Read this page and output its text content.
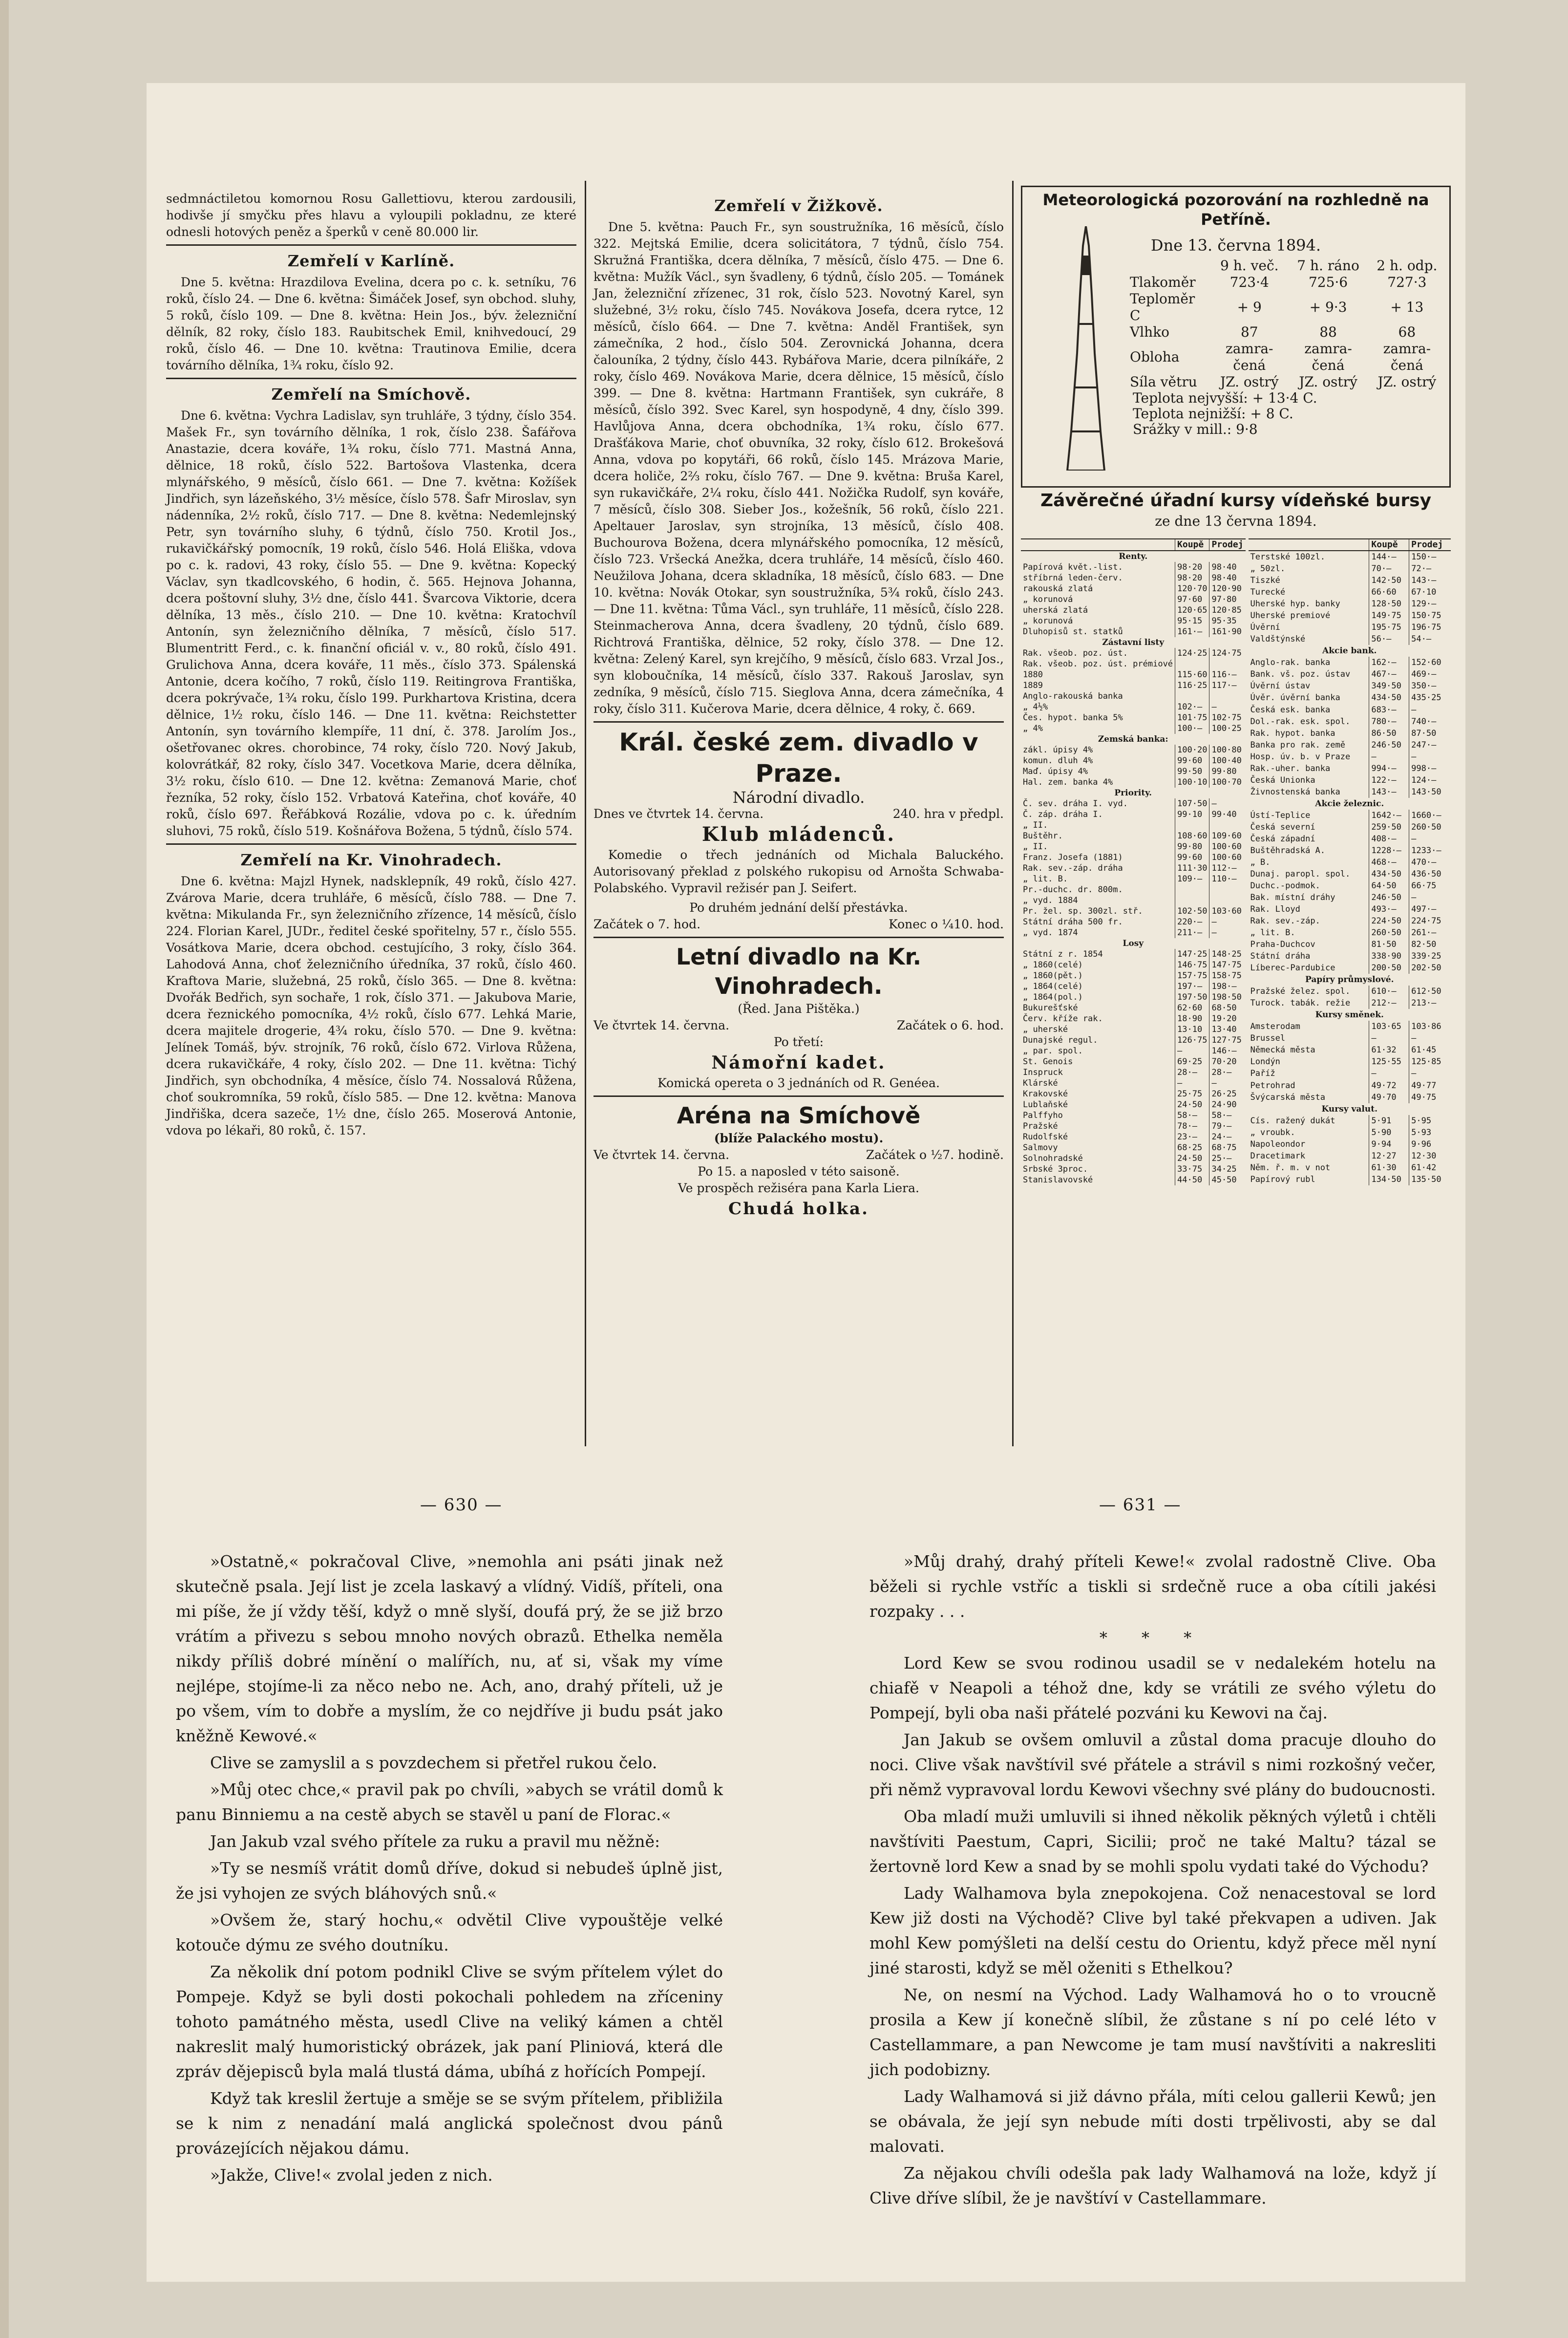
sedmnáctiletou komornou Rosu Gallettiovu, kterou zardousili, hodivše jí smyčku přes hlavu a vyloupili pokladnu, ze které odnesli hotových peněz a šperků v ceně 80.000 lir.

Zemřelí v Karlíně.

Dne 5. května: Hrazdilova Evelina, dcera po c. k. setníku, 76 roků, číslo 24. — Dne 6. května: Šimáček Josef, syn obchod. sluhy, 5 roků, číslo 109. — Dne 8. května: Hein Jos., býv. železniční dělník, 82 roky, číslo 183. Raubitschek Emil, knihvedoucí, 29 roků, číslo 46. — Dne 10. května: Trautinova Emilie, dcera továrního dělníka, 1¾ roku, číslo 92.

Zemřelí na Smíchově.

Dne 6. května: Vychra Ladislav, syn truhláře, 3 týdny, číslo 354. Mašek Fr., syn továrního dělníka, 1 rok, číslo 238. Šafářova Anastazie, dcera kováře, 1¾ roku, číslo 771. Mastná Anna, dělnice, 18 roků, číslo 522. Bartošova Vlastenka, dcera mlynářského, 9 měsíců, číslo 661. — Dne 7. května: Kožíšek Jindřich, syn lázeňského, 3½ měsíce, číslo 578. Šafr Miroslav, syn nádenníka, 2½ roků, číslo 717. — Dne 8. května: Nedemlejnský Petr, syn továrního sluhy, 6 týdnů, číslo 750. Krotil Jos., rukavičkářský pomocník, 19 roků, číslo 546. Holá Eliška, vdova po c. k. radovi, 43 roky, číslo 55. — Dne 9. května: Kopecký Václav, syn tkadlcovského, 6 hodin, č. 565. Hejnova Johanna, dcera poštovní sluhy, 3½ dne, číslo 441. Švarcova Viktorie, dcera dělníka, 13 měs., číslo 210. — Dne 10. května: Kratochvíl Antonín, syn železničního dělníka, 7 měsíců, číslo 517. Blumentritt Ferd., c. k. finanční oficiál v. v., 80 roků, číslo 491. Grulichova Anna, dcera kováře, 11 měs., číslo 373. Spálenská Antonie, dcera kočího, 7 roků, číslo 119. Reitingrova Františka, dcera pokrývače, 1¾ roku, číslo 199. Purkhartova Kristina, dcera dělnice, 1½ roku, číslo 146. — Dne 11. května: Reichstetter Antonín, syn továrního klempíře, 11 dní, č. 378. Jarolím Jos., ošetřovanec okres. chorobince, 74 roky, číslo 720. Nový Jakub, kolovrátkář, 82 roky, číslo 347. Vocetkova Marie, dcera dělníka, 3½ roku, číslo 610. — Dne 12. května: Zemanová Marie, choť řezníka, 52 roky, číslo 152. Vrbatová Kateřina, choť kováře, 40 roků, číslo 697. Řeřábková Rozálie, vdova po c. k. úředním sluhovi, 75 roků, číslo 519. Košnářova Božena, 5 týdnů, číslo 574.

Zemřelí na Kr. Vinohradech.

Dne 6. května: Majzl Hynek, nadsklepník, 49 roků, číslo 427. Zvárova Marie, dcera truhláře, 6 měsíců, číslo 788. — Dne 7. května: Mikulanda Fr., syn železničního zřízence, 14 měsíců, číslo 224. Florian Karel, JUDr., ředitel české spořitelny, 57 r., číslo 555. Vosátkova Marie, dcera obchod. cestujícího, 3 roky, číslo 364. Lahodová Anna, choť železničního úředníka, 37 roků, číslo 460. Kraftova Marie, služebná, 25 roků, číslo 365. — Dne 8. května: Dvořák Bedřich, syn sochaře, 1 rok, číslo 371. — Jakubova Marie, dcera řeznického pomocníka, 4½ roků, číslo 677. Lehká Marie, dcera majitele drogerie, 4¾ roku, číslo 570. — Dne 9. května: Jelínek Tomáš, býv. strojník, 76 roků, číslo 672. Virlova Růžena, dcera rukavičkáře, 4 roky, číslo 202. — Dne 11. května: Tichý Jindřich, syn obchodníka, 4 měsíce, číslo 74. Nossalová Růžena, choť soukromníka, 59 roků, číslo 585. — Dne 12. května: Manova Jindřiška, dcera sazeče, 1½ dne, číslo 265. Moserová Antonie, vdova po lékaři, 80 roků, č. 157.

Zemřelí v Žižkově.

Dne 5. května: Pauch Fr., syn soustružníka, 16 měsíců, číslo 322. Mejtská Emilie, dcera solicitátora, 7 týdnů, číslo 754. Skružná Františka, dcera dělníka, 7 měsíců, číslo 475. — Dne 6. května: Mužík Václ., syn švadleny, 6 týdnů, číslo 205. — Tománek Jan, železniční zřízenec, 31 rok, číslo 523. Novotný Karel, syn služebné, 3½ roku, číslo 745. Novákova Josefa, dcera rytce, 12 měsíců, číslo 664. — Dne 7. května: Anděl František, syn zámečníka, 2 hod., číslo 504. Zerovnická Johanna, dcera čalouníka, 2 týdny, číslo 443. Rybářova Marie, dcera pilníkáře, 2 roky, číslo 469. Novákova Marie, dcera dělnice, 15 měsíců, číslo 399. — Dne 8. května: Hartmann František, syn cukráře, 8 měsíců, číslo 392. Svec Karel, syn hospodyně, 4 dny, číslo 399. Havlůjova Anna, dcera obchodníka, 1¾ roku, číslo 677. Drašťákova Marie, choť obuvníka, 32 roky, číslo 612. Brokešová Anna, vdova po kopytáři, 66 roků, číslo 145. Mrázova Marie, dcera holiče, 2⅔ roku, číslo 767. — Dne 9. května: Bruša Karel, syn rukavičkáře, 2¼ roku, číslo 441. Nožička Rudolf, syn kováře, 7 měsíců, číslo 308. Sieber Jos., kožešník, 56 roků, číslo 221. Apeltauer Jaroslav, syn strojníka, 13 měsíců, číslo 408. Buchourova Božena, dcera mlynářského pomocníka, 12 měsíců, číslo 723. Vršecká Anežka, dcera truhláře, 14 měsíců, číslo 460. Neužilova Johana, dcera skladníka, 18 měsíců, číslo 683. — Dne 10. května: Novák Otokar, syn soustružníka, 5¾ roků, číslo 243. — Dne 11. května: Tůma Václ., syn truhláře, 11 měsíců, číslo 228. Steinmacherova Anna, dcera švadleny, 20 týdnů, číslo 689. Richtrová Františka, dělnice, 52 roky, číslo 378. — Dne 12. května: Zelený Karel, syn krejčího, 9 měsíců, číslo 683. Vrzal Jos., syn kloboučníka, 14 měsíců, číslo 337. Rakouš Jaroslav, syn zedníka, 9 měsíců, číslo 715. Sieglova Anna, dcera zámečníka, 4 roky, číslo 311. Kučerova Marie, dcera dělnice, 4 roky, č. 669.

Král. české zem. divadlo v Praze.
Národní divadlo.
Dnes ve čtvrtek 14. června.	240. hra v předpl.
Klub mládenců.

Komedie o třech jednáních od Michala Baluckého. Autorisovaný překlad z polského rukopisu od Arnošta Schwaba-Polabského. Vypravil režisér pan J. Seifert.

Po druhém jednání delší přestávka.
Začátek o 7. hod.	Konec o ¼10. hod.
Letní divadlo na Kr. Vinohradech.
(Řed. Jana Pištěka.)
Ve čtvrtek 14. června.	Začátek o 6. hod.
Po třetí:
Námořní kadet.
Komická opereta o 3 jednáních od R. Genéea.
Aréna na Smíchově
(blíže Palackého mostu).
Ve čtvrtek 14. června.	Začátek o ½7. hodině.
Po 15. a naposled v této saisoně.
Ve prospěch režiséra pana Karla Liera.
Chudá holka.
Meteorologická pozorování na rozhledně na Petříně.
Dne 13. června 1894.
	9 h. več.	7 h. ráno	2 h. odp.
Tlakoměr	723·4	725·6	727·3
Teploměr C	+ 9	+ 9·3	+ 13
Vlhko	87	88	68
Obloha	zamra-čená	zamra-čená	zamra-čená
Síla větru	JZ. ostrý	JZ. ostrý	JZ. ostrý
Teplota nejvyšší: + 13·4 C.
Teplota nejnižší: + 8 C.
Srážky v mill.: 9·8
Závěrečné úřadní kursy vídeňské bursy
ze dne 13 června 1894.
	Koupě	Prodej
Renty.		
Papírová květ.-list.	98·20	98·40
stříbrná leden-červ.	98·20	98·40
rakouská zlatá	120·70	120·90
„ korunová	97·60	97·80
uherská zlatá	120·65	120·85
„ korunová	95·15	95·35
Dluhopisů st. statků	161·—	161·90
Zástavní listy		
Rak. všeob. poz. úst.	124·25	124·75
Rak. všeob. poz. úst. prémiové		
1880	115·60	116·—
1889	116·25	117·—
Anglo-rakouská banka		
„ 4½%	102·—	—
Čes. hypot. banka 5%	101·75	102·75
„ 4%	100·—	100·25
Zemská banka:		
zákl. úpisy 4%	100·20	100·80
komun. dluh 4%	99·60	100·40
Maď. úpisy 4%	99·50	99·80
Hal. zem. banka 4%	100·10	100·70
Priority.		
Č. sev. dráha I. vyd.	107·50	—
Č. záp. dráha I.	99·10	99·40
„ II.		
Buštěhr.	108·60	109·60
„ II.	99·80	100·60
Franz. Josefa (1881)	99·60	100·60
Rak. sev.-záp. dráha	111·30	112·—
„ lit. B.	109·—	110·—
Pr.-duchc. dr. 800m.		
„ vyd. 1884		
Pr. žel. sp. 300zl. stř.	102·50	103·60
Státní dráha 500 fr.	220·—	—
„ vyd. 1874	211·—	—
Losy		
Státní z r. 1854	147·25	148·25
„ 1860(celé)	146·75	147·75
„ 1860(pět.)	157·75	158·75
„ 1864(celé)	197·—	198·—
„ 1864(pol.)	197·50	198·50
Bukurešťské	62·60	68·50
Červ. kříže rak.	18·90	19·20
„ uherské	13·10	13·40
Dunajské regul.	126·75	127·75
„ par. spol.	—	146·—
St. Genois	69·25	70·20
Inspruck	28·—	28·—
Klárské	—	—
Krakovské	25·75	26·25
Lublaňské	24·50	24·90
Palffyho	58·—	58·—
Pražské	78·—	79·—
Rudolfské	23·—	24·—
Salmovy	68·25	68·75
Solnohradské	24·50	25·—
Srbské 3proc.	33·75	34·25
Stanislavovské	44·50	45·50
	Koupě	Prodej
Terstské 100zl.	144·—	150·—
„ 50zl.	70·—	72·—
Tiszké	142·50	143·—
Turecké	66·60	67·10
Uherské hyp. banky	128·50	129·—
Uherské premiové	149·75	150·75
Úvěrní	195·75	196·75
Valdštýnské	56·—	54·—
Akcie bank.		
Anglo-rak. banka	162·—	152·60
Bank. vš. poz. ústav	467·—	469·—
Úvěrní ústav	349·50	350·—
Úvěr. úvěrní banka	434·50	435·25
Česká esk. banka	683·—	—
Dol.-rak. esk. spol.	780·—	740·—
Rak. hypot. banka	86·50	87·50
Banka pro rak. země	246·50	247·—
Hosp. úv. b. v Praze	—	—
Rak.-uher. banka	994·—	998·—
Česká Unionka	122·—	124·—
Živnostenská banka	143·—	143·50
Akcie železnic.		
Ústí-Teplice	1642·—	1660·—
Česká severní	259·50	260·50
Česká západní	408·—	—
Buštěhradská A.	1228·—	1233·—
„ B.	468·—	470·—
Dunaj. paropl. spol.	434·50	436·50
Duchc.-podmok.	64·50	66·75
Bak. místní dráhy	246·50	—
Rak. Lloyd	493·—	497·—
Rak. sev.-záp.	224·50	224·75
„ lit. B.	260·50	261·—
Praha-Duchcov	81·50	82·50
Státní dráha	338·90	339·25
Líberec-Pardubice	200·50	202·50
Papíry průmyslové.		
Pražské želez. spol.	610·—	612·50
Turock. tabák. režie	212·—	213·—
Kursy směnek.		
Amsterodam	103·65	103·86
Brussel	—	—
Německá města	61·32	61·45
Londýn	125·55	125·85
Paříž	—	—
Petrohrad	49·72	49·77
Švýcarská města	49·70	49·75
Kursy valut.		
Cís. ražený dukát	5·91	5·95
„ vroubk.	5·90	5·93
Napoleondor	9·94	9·96
Dracetimark	12·27	12·30
Něm. ř. m. v not	61·30	61·42
Papírový rubl	134·50	135·50
— 630 —	— 631 —

»Ostatně,« pokračoval Clive, »nemohla ani psáti jinak než skutečně psala. Její list je zcela laskavý a vlídný. Vidíš, příteli, ona mi píše, že jí vždy těší, když o mně slyší, doufá prý, že se již brzo vrátím a přivezu s sebou mnoho nových obrazů. Ethelka neměla nikdy příliš dobré mínění o malířích, nu, ať si, však my víme nejlépe, stojíme-li za něco nebo ne. Ach, ano, drahý příteli, už je po všem, vím to dobře a myslím, že co nejdříve ji budu psát jako kněžně Kewové.«

Clive se zamyslil a s povzdechem si přetřel rukou čelo.

»Můj otec chce,« pravil pak po chvíli, »abych se vrátil domů k panu Binniemu a na cestě abych se stavěl u paní de Florac.«

Jan Jakub vzal svého přítele za ruku a pravil mu něžně:

»Ty se nesmíš vrátit domů dříve, dokud si nebudeš úplně jist, že jsi vyhojen ze svých bláhových snů.«

»Ovšem že, starý hochu,« odvětil Clive vypouštěje velké kotouče dýmu ze svého doutníku.

Za několik dní potom podnikl Clive se svým přítelem výlet do Pompeje. Když se byli dosti pokochali pohledem na zříceniny tohoto památného města, usedl Clive na veliký kámen a chtěl nakreslit malý humoristický obrázek, jak paní Pliniová, která dle zpráv dějepisců byla malá tlustá dáma, ubíhá z hořících Pompejí.

Když tak kreslil žertuje a směje se se svým přítelem, přibližila se k nim z nenadání malá anglická společnost dvou pánů provázejících nějakou dámu.

»Jakže, Clive!« zvolal jeden z nich.

»Můj drahý, drahý příteli Kewe!« zvolal radostně Clive. Oba běželi si rychle vstříc a tiskli si srdečně ruce a oba cítili jakési rozpaky . . .

* * *

Lord Kew se svou rodinou usadil se v nedalekém hotelu na chiafě v Neapoli a téhož dne, kdy se vrátili ze svého výletu do Pompejí, byli oba naši přátelé pozváni ku Kewovi na čaj.

Jan Jakub se ovšem omluvil a zůstal doma pracuje dlouho do noci. Clive však navštívil své přátele a strávil s nimi rozkošný večer, při němž vypravoval lordu Kewovi všechny své plány do budoucnosti.

Oba mladí muži umluvili si ihned několik pěkných výletů i chtěli navštíviti Paestum, Capri, Sicilii; proč ne také Maltu? tázal se žertovně lord Kew a snad by se mohli spolu vydati také do Východu?

Lady Walhamova byla znepokojena. Což nenacestoval se lord Kew již dosti na Východě? Clive byl také překvapen a udiven. Jak mohl Kew pomýšleti na delší cestu do Orientu, když přece měl nyní jiné starosti, když se měl oženiti s Ethelkou?

Ne, on nesmí na Východ. Lady Walhamová ho o to vroucně prosila a Kew jí konečně slíbil, že zůstane s ní po celé léto v Castellammare, a pan Newcome je tam musí navštíviti a nakresliti jich podobizny.

Lady Walhamová si již dávno přála, míti celou gallerii Kewů; jen se obávala, že její syn nebude míti dosti trpělivosti, aby se dal malovati.

Za nějakou chvíli odešla pak lady Walhamová na lože, když jí Clive dříve slíbil, že je navštíví v Castellammare.
